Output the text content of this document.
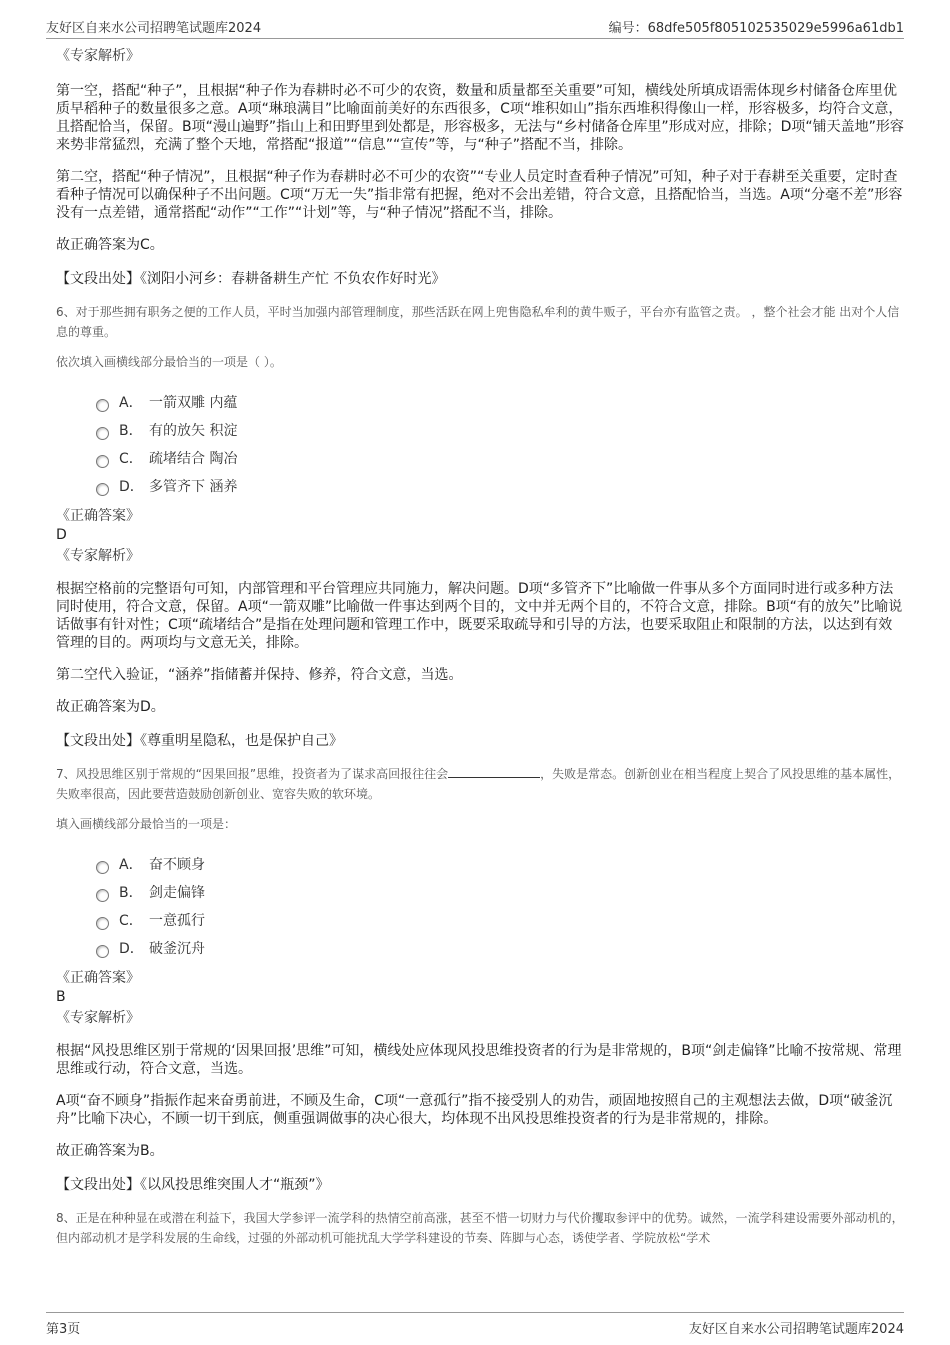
友好区自来水公司招聘笔试题库2024	编号：68dfe505f805102535029e5996a61db1

《专家解析》

第一空，搭配“种子”，且根据“种子作为春耕时必不可少的农资，数量和质量都至关重要”可知，横线处所填成语需体现乡村储备仓库里优质早稻种子的数量很多之意。A项“琳琅满目”比喻面前美好的东西很多，C项“堆积如山”指东西堆积得像山一样，形容极多，均符合文意，且搭配恰当，保留。B项“漫山遍野”指山上和田野里到处都是，形容极多，无法与“乡村储备仓库里”形成对应，排除；D项“铺天盖地”形容来势非常猛烈，充满了整个天地，常搭配“报道”“信息”“宣传”等，与“种子”搭配不当，排除。

第二空，搭配“种子情况”，且根据“种子作为春耕时必不可少的农资”“专业人员定时查看种子情况”可知，种子对于春耕至关重要，定时查看种子情况可以确保种子不出问题。C项“万无一失”指非常有把握，绝对不会出差错，符合文意，且搭配恰当，当选。A项“分毫不差”形容没有一点差错，通常搭配“动作”“工作”“计划”等，与“种子情况”搭配不当，排除。

故正确答案为C。

【文段出处】《浏阳小河乡：春耕备耕生产忙 不负农作好时光》

6、对于那些拥有职务之便的工作人员，平时当加强内部管理制度，那些活跃在网上兜售隐私牟利的黄牛贩子，平台亦有监管之责。 ，整个社会才能 出对个人信息的尊重。

依次填入画横线部分最恰当的一项是（ ）。

A． 一箭双雕 内蕴
B． 有的放矢 积淀
C． 疏堵结合 陶冶
D． 多管齐下 涵养

《正确答案》

D

《专家解析》

根据空格前的完整语句可知，内部管理和平台管理应共同施力，解决问题。D项“多管齐下”比喻做一件事从多个方面同时进行或多种方法同时使用，符合文意，保留。A项“一箭双雕”比喻做一件事达到两个目的，文中并无两个目的，不符合文意，排除。B项“有的放矢”比喻说话做事有针对性；C项“疏堵结合”是指在处理问题和管理工作中，既要采取疏导和引导的方法，也要采取阻止和限制的方法，以达到有效管理的目的。两项均与文意无关，排除。

第二空代入验证，“涵养”指储蓄并保持、修养，符合文意，当选。

故正确答案为D。

【文段出处】《尊重明星隐私，也是保护自己》

7、风投思维区别于常规的“因果回报”思维，投资者为了谋求高回报往往会	，失败是常态。创新创业在相当程度上契合了风投思维的基本属性，失败率很高，因此要营造鼓励创新创业、宽容失败的软环境。

填入画横线部分最恰当的一项是：

A． 奋不顾身
B． 剑走偏锋
C． 一意孤行
D． 破釜沉舟

《正确答案》

B

《专家解析》

根据“风投思维区别于常规的‘因果回报’思维”可知，横线处应体现风投思维投资者的行为是非常规的，B项“剑走偏锋”比喻不按常规、常理思维或行动，符合文意，当选。

A项“奋不顾身”指振作起来奋勇前进，不顾及生命，C项“一意孤行”指不接受别人的劝告，顽固地按照自己的主观想法去做，D项“破釜沉舟”比喻下决心，不顾一切干到底，侧重强调做事的决心很大，均体现不出风投思维投资者的行为是非常规的，排除。

故正确答案为B。

【文段出处】《以风投思维突围人才“瓶颈”》

8、正是在种种显在或潜在利益下，我国大学参评一流学科的热情空前高涨，甚至不惜一切财力与代价攫取参评中的优势。诚然，一流学科建设需要外部动机的，但内部动机才是学科发展的生命线，过强的外部动机可能扰乱大学学科建设的节奏、阵脚与心态，诱使学者、学院放松“学术

第3页	友好区自来水公司招聘笔试题库2024
